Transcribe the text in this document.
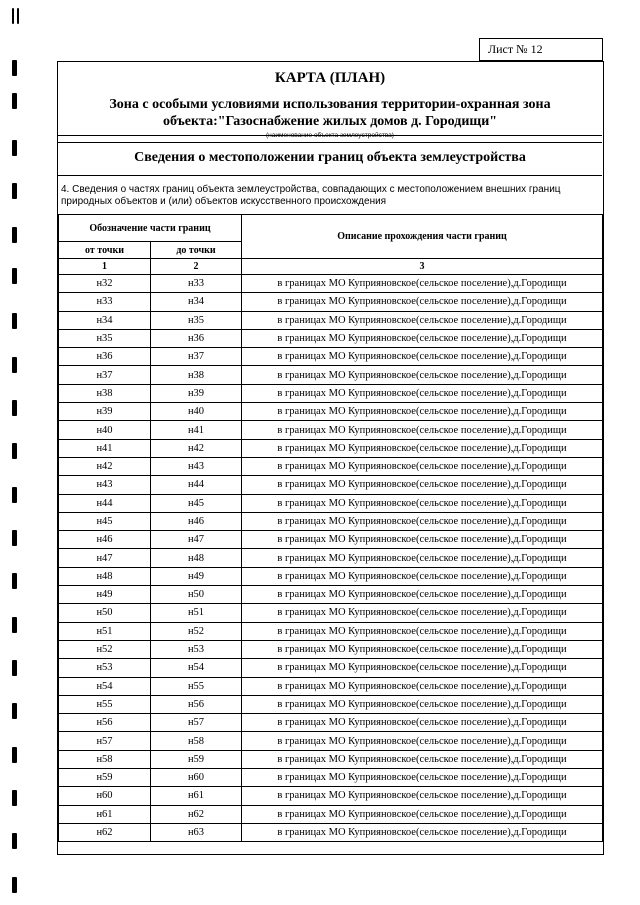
Лист № 12
КАРТА (ПЛАН)
Зона с особыми условиями использования территории-охранная зона
объекта:"Газоснабжение жилых домов д. Городищи"
(наименование объекта землеустройства)
Сведения о местоположении границ объекта землеустройства
4. Сведения о частях границ объекта землеустройства, совпадающих с местоположением внешних границ природных объектов и (или) объектов искусственного происхождения
Обозначение части границ		Описание прохождения части границ
от точки	до точки	
1	2	3
н32	н33	в границах МО Куприяновское(сельское поселение),д.Городищи
н33	н34	в границах МО Куприяновское(сельское поселение),д.Городищи
н34	н35	в границах МО Куприяновское(сельское поселение),д.Городищи
н35	н36	в границах МО Куприяновское(сельское поселение),д.Городищи
н36	н37	в границах МО Куприяновское(сельское поселение),д.Городищи
н37	н38	в границах МО Куприяновское(сельское поселение),д.Городищи
н38	н39	в границах МО Куприяновское(сельское поселение),д.Городищи
н39	н40	в границах МО Куприяновское(сельское поселение),д.Городищи
н40	н41	в границах МО Куприяновское(сельское поселение),д.Городищи
н41	н42	в границах МО Куприяновское(сельское поселение),д.Городищи
н42	н43	в границах МО Куприяновское(сельское поселение),д.Городищи
н43	н44	в границах МО Куприяновское(сельское поселение),д.Городищи
н44	н45	в границах МО Куприяновское(сельское поселение),д.Городищи
н45	н46	в границах МО Куприяновское(сельское поселение),д.Городищи
н46	н47	в границах МО Куприяновское(сельское поселение),д.Городищи
н47	н48	в границах МО Куприяновское(сельское поселение),д.Городищи
н48	н49	в границах МО Куприяновское(сельское поселение),д.Городищи
н49	н50	в границах МО Куприяновское(сельское поселение),д.Городищи
н50	н51	в границах МО Куприяновское(сельское поселение),д.Городищи
н51	н52	в границах МО Куприяновское(сельское поселение),д.Городищи
н52	н53	в границах МО Куприяновское(сельское поселение),д.Городищи
н53	н54	в границах МО Куприяновское(сельское поселение),д.Городищи
н54	н55	в границах МО Куприяновское(сельское поселение),д.Городищи
н55	н56	в границах МО Куприяновское(сельское поселение),д.Городищи
н56	н57	в границах МО Куприяновское(сельское поселение),д.Городищи
н57	н58	в границах МО Куприяновское(сельское поселение),д.Городищи
н58	н59	в границах МО Куприяновское(сельское поселение),д.Городищи
н59	н60	в границах МО Куприяновское(сельское поселение),д.Городищи
н60	н61	в границах МО Куприяновское(сельское поселение),д.Городищи
н61	н62	в границах МО Куприяновское(сельское поселение),д.Городищи
н62	н63	в границах МО Куприяновское(сельское поселение),д.Городищи
